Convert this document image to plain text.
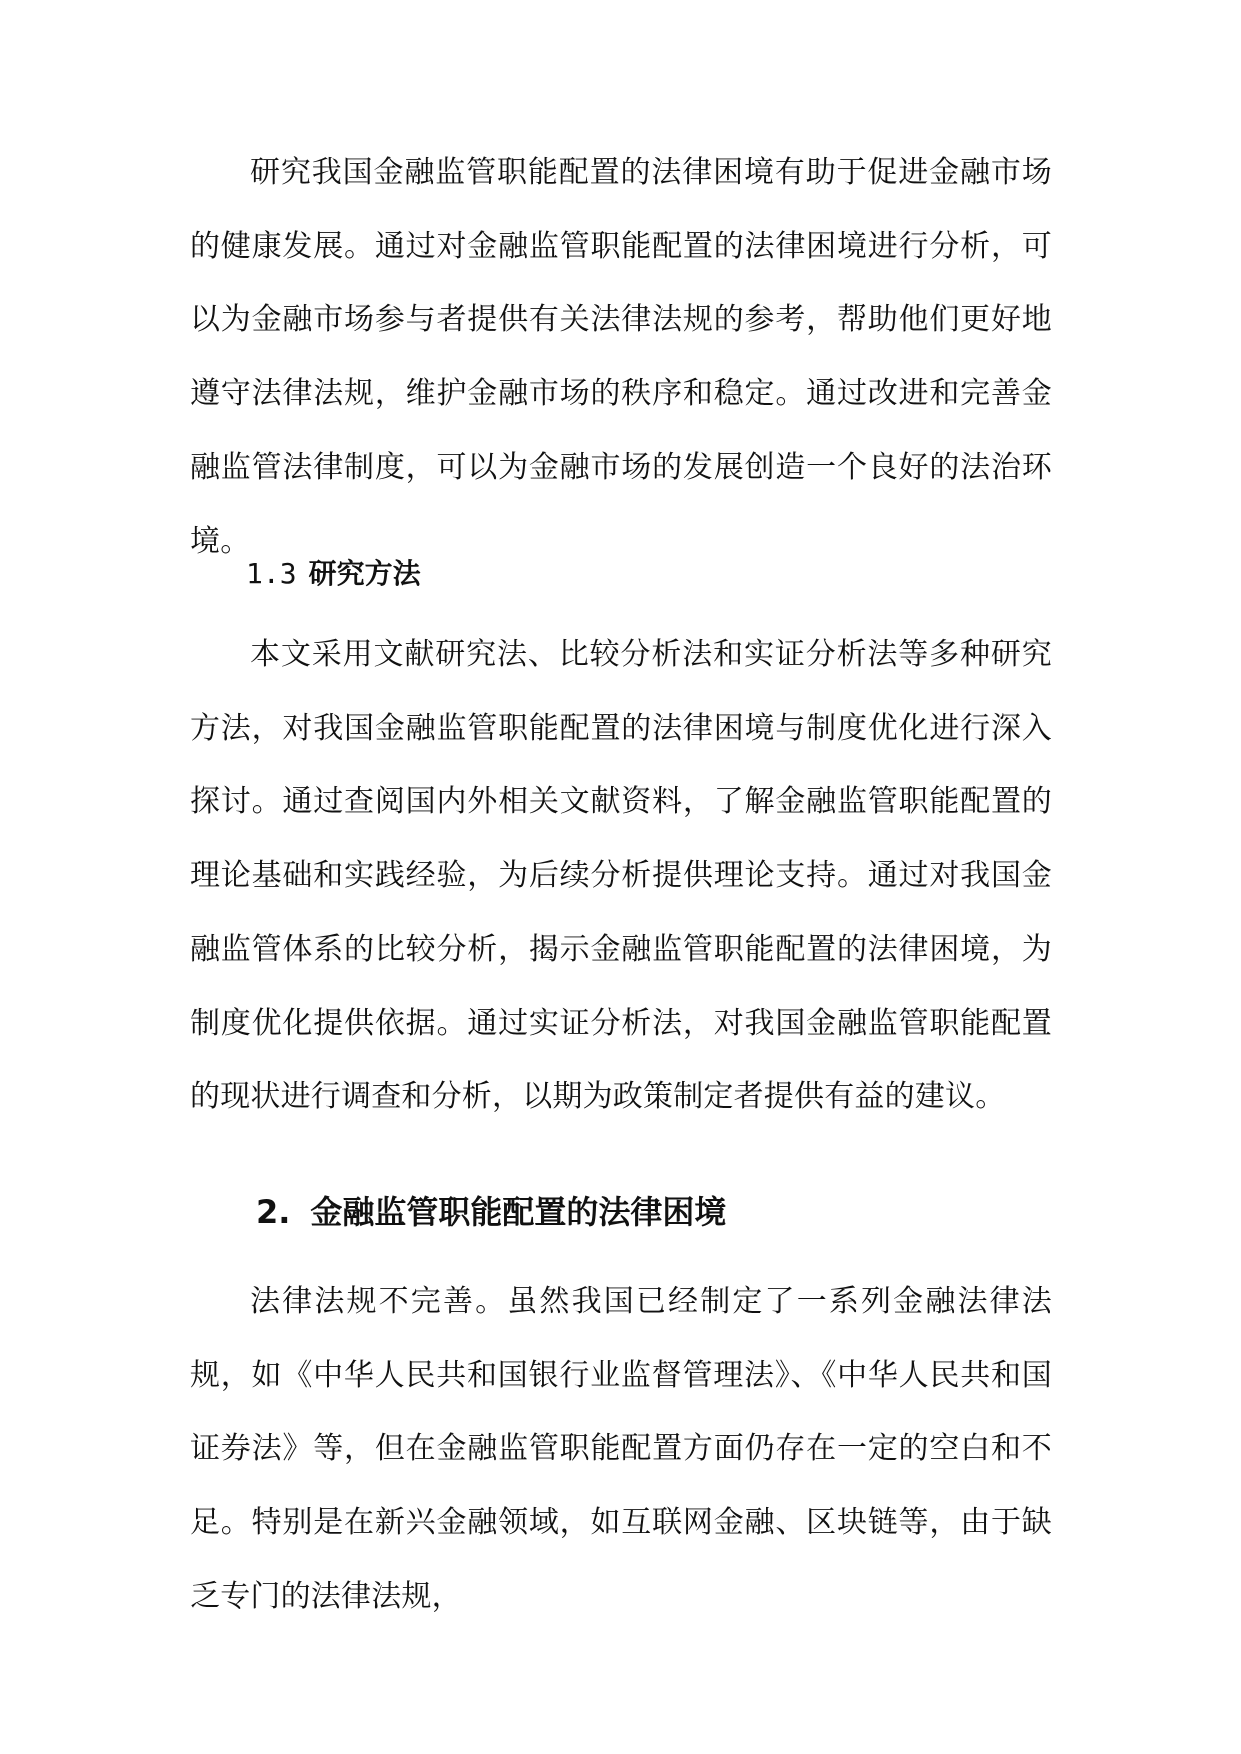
研究我国金融监管职能配置的法律困境有助于促进金融市场的健康发展。通过对金融监管职能配置的法律困境进行分析，可以为金融市场参与者提供有关法律法规的参考，帮助他们更好地遵守法律法规，维护金融市场的秩序和稳定。通过改进和完善金融监管法律制度，可以为金融市场的发展创造一个良好的法治环境。

1.3 研究方法

本文采用文献研究法、比较分析法和实证分析法等多种研究方法，对我国金融监管职能配置的法律困境与制度优化进行深入探讨。通过查阅国内外相关文献资料，了解金融监管职能配置的理论基础和实践经验，为后续分析提供理论支持。通过对我国金融监管体系的比较分析，揭示金融监管职能配置的法律困境，为制度优化提供依据。通过实证分析法，对我国金融监管职能配置的现状进行调查和分析，以期为政策制定者提供有益的建议。

2. 金融监管职能配置的法律困境

法律法规不完善。虽然我国已经制定了一系列金融法律法规，如《中华人民共和国银行业监督管理法》、《中华人民共和国证券法》等，但在金融监管职能配置方面仍存在一定的空白和不足。特别是在新兴金融领域，如互联网金融、区块链等，由于缺乏专门的法律法规，
